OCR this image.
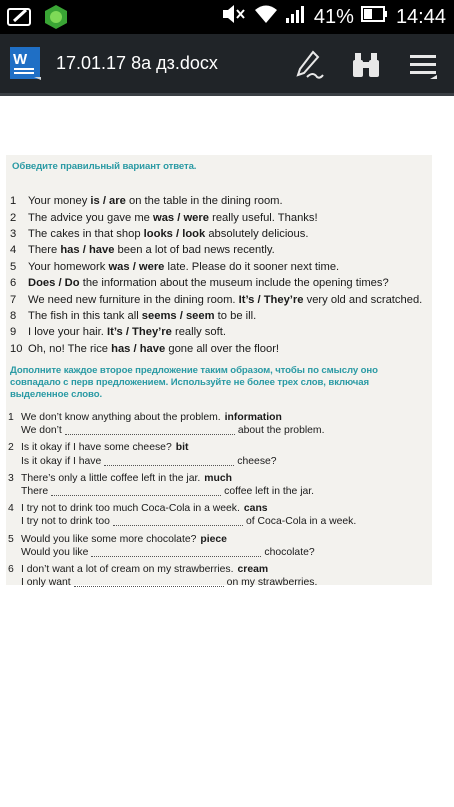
41% 14:44
W 17.01.17 8а дз.docx
Обведите правильный вариант ответа.
1	Your money is / are on the table in the dining room.
2	The advice you gave me was / were really useful. Thanks!
3	The cakes in that shop looks / look absolutely delicious.
4	There has / have been a lot of bad news recently.
5	Your homework was / were late. Please do it sooner next time.
6	Does / Do the information about the museum include the opening times?
7	We need new furniture in the dining room. It’s / They’re very old and scratched.
8	The fish in this tank all seems / seem to be ill.
9	I love your hair. It’s / They’re really soft.
10 Oh, no! The rice has / have gone all over the floor!
Дополните каждое второе предложение таким образом, чтобы по смыслу оно совпадало с перв предложением. Используйте не более трех слов, включая выделенное слово.
1 We don’t know anything about the problem. information
We don’t	about the problem.
2 Is it okay if I have some cheese? bit
Is it okay if I have	cheese?
3 There’s only a little coffee left in the jar. much
There	coffee left in the jar.
4 I try not to drink too much Coca-Cola in a week. cans
I try not to drink too	of Coca-Cola in a week.
5 Would you like some more chocolate? piece
Would you like	chocolate?
6 I don’t want a lot of cream on my strawberries. cream
I only want	on my strawberries.
